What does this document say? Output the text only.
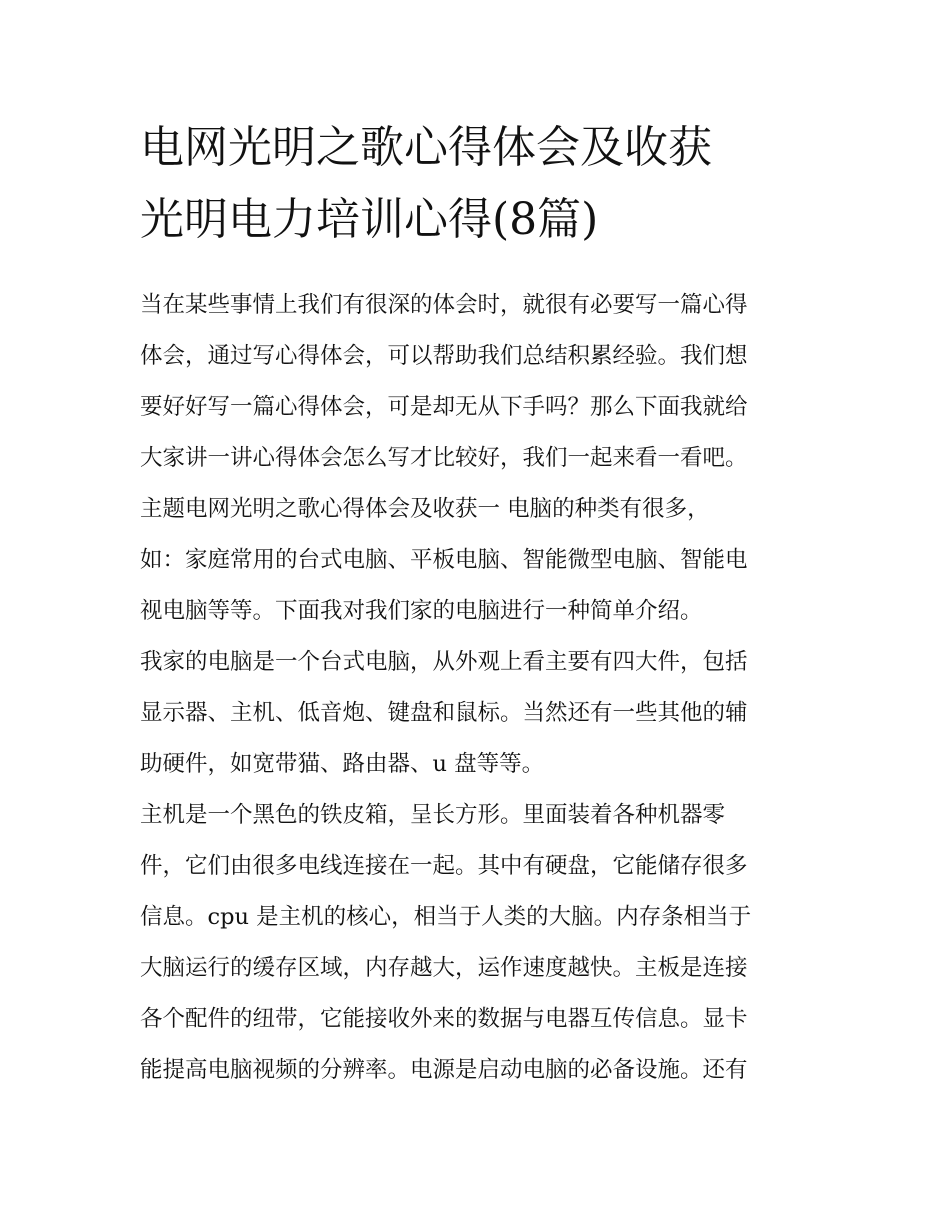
电网光明之歌心得体会及收获
光明电力培训心得(8篇)

当在某些事情上我们有很深的体会时，就很有必要写一篇心得
体会，通过写心得体会，可以帮助我们总结积累经验。我们想
要好好写一篇心得体会，可是却无从下手吗？那么下面我就给
大家讲一讲心得体会怎么写才比较好，我们一起来看一看吧。

主题电网光明之歌心得体会及收获一 电脑的种类有很多，
如：家庭常用的台式电脑、平板电脑、智能微型电脑、智能电
视电脑等等。下面我对我们家的电脑进行一种简单介绍。

我家的电脑是一个台式电脑，从外观上看主要有四大件，包括
显示器、主机、低音炮、键盘和鼠标。当然还有一些其他的辅
助硬件，如宽带猫、路由器、u 盘等等。

主机是一个黑色的铁皮箱，呈长方形。里面装着各种机器零
件，它们由很多电线连接在一起。其中有硬盘，它能储存很多
信息。cpu 是主机的核心，相当于人类的大脑。内存条相当于
大脑运行的缓存区域，内存越大，运作速度越快。主板是连接
各个配件的纽带，它能接收外来的数据与电器互传信息。显卡
能提高电脑视频的分辨率。电源是启动电脑的必备设施。还有
